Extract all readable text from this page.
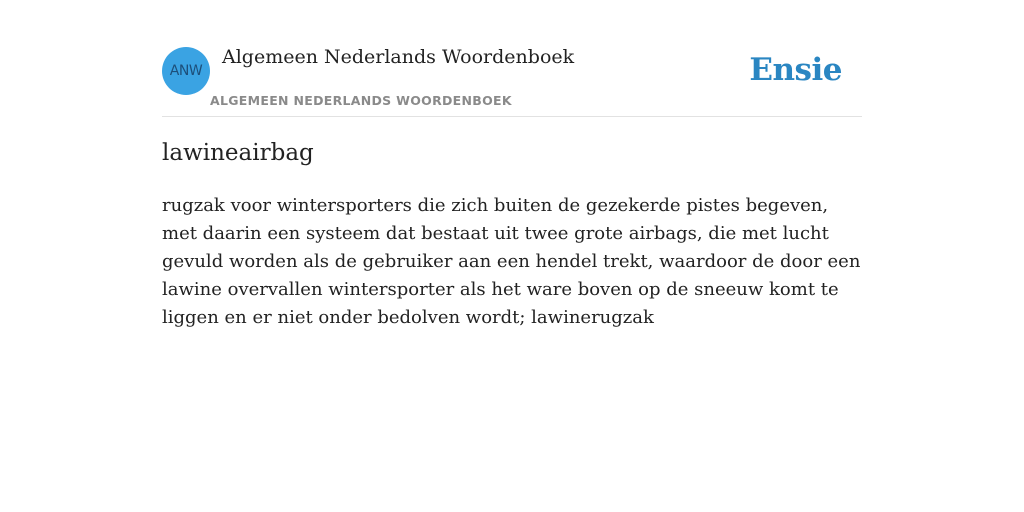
ANW
Algemeen Nederlands Woordenboek
ALGEMEEN NEDERLANDS WOORDENBOEK
Ensie
lawineairbag

rugzak voor wintersporters die zich buiten de gezekerde pistes begeven, met daarin een systeem dat bestaat uit twee grote airbags, die met lucht gevuld worden als de gebruiker aan een hendel trekt, waardoor de door een lawine overvallen wintersporter als het ware boven op de sneeuw komt te liggen en er niet onder bedolven wordt; lawinerugzak
